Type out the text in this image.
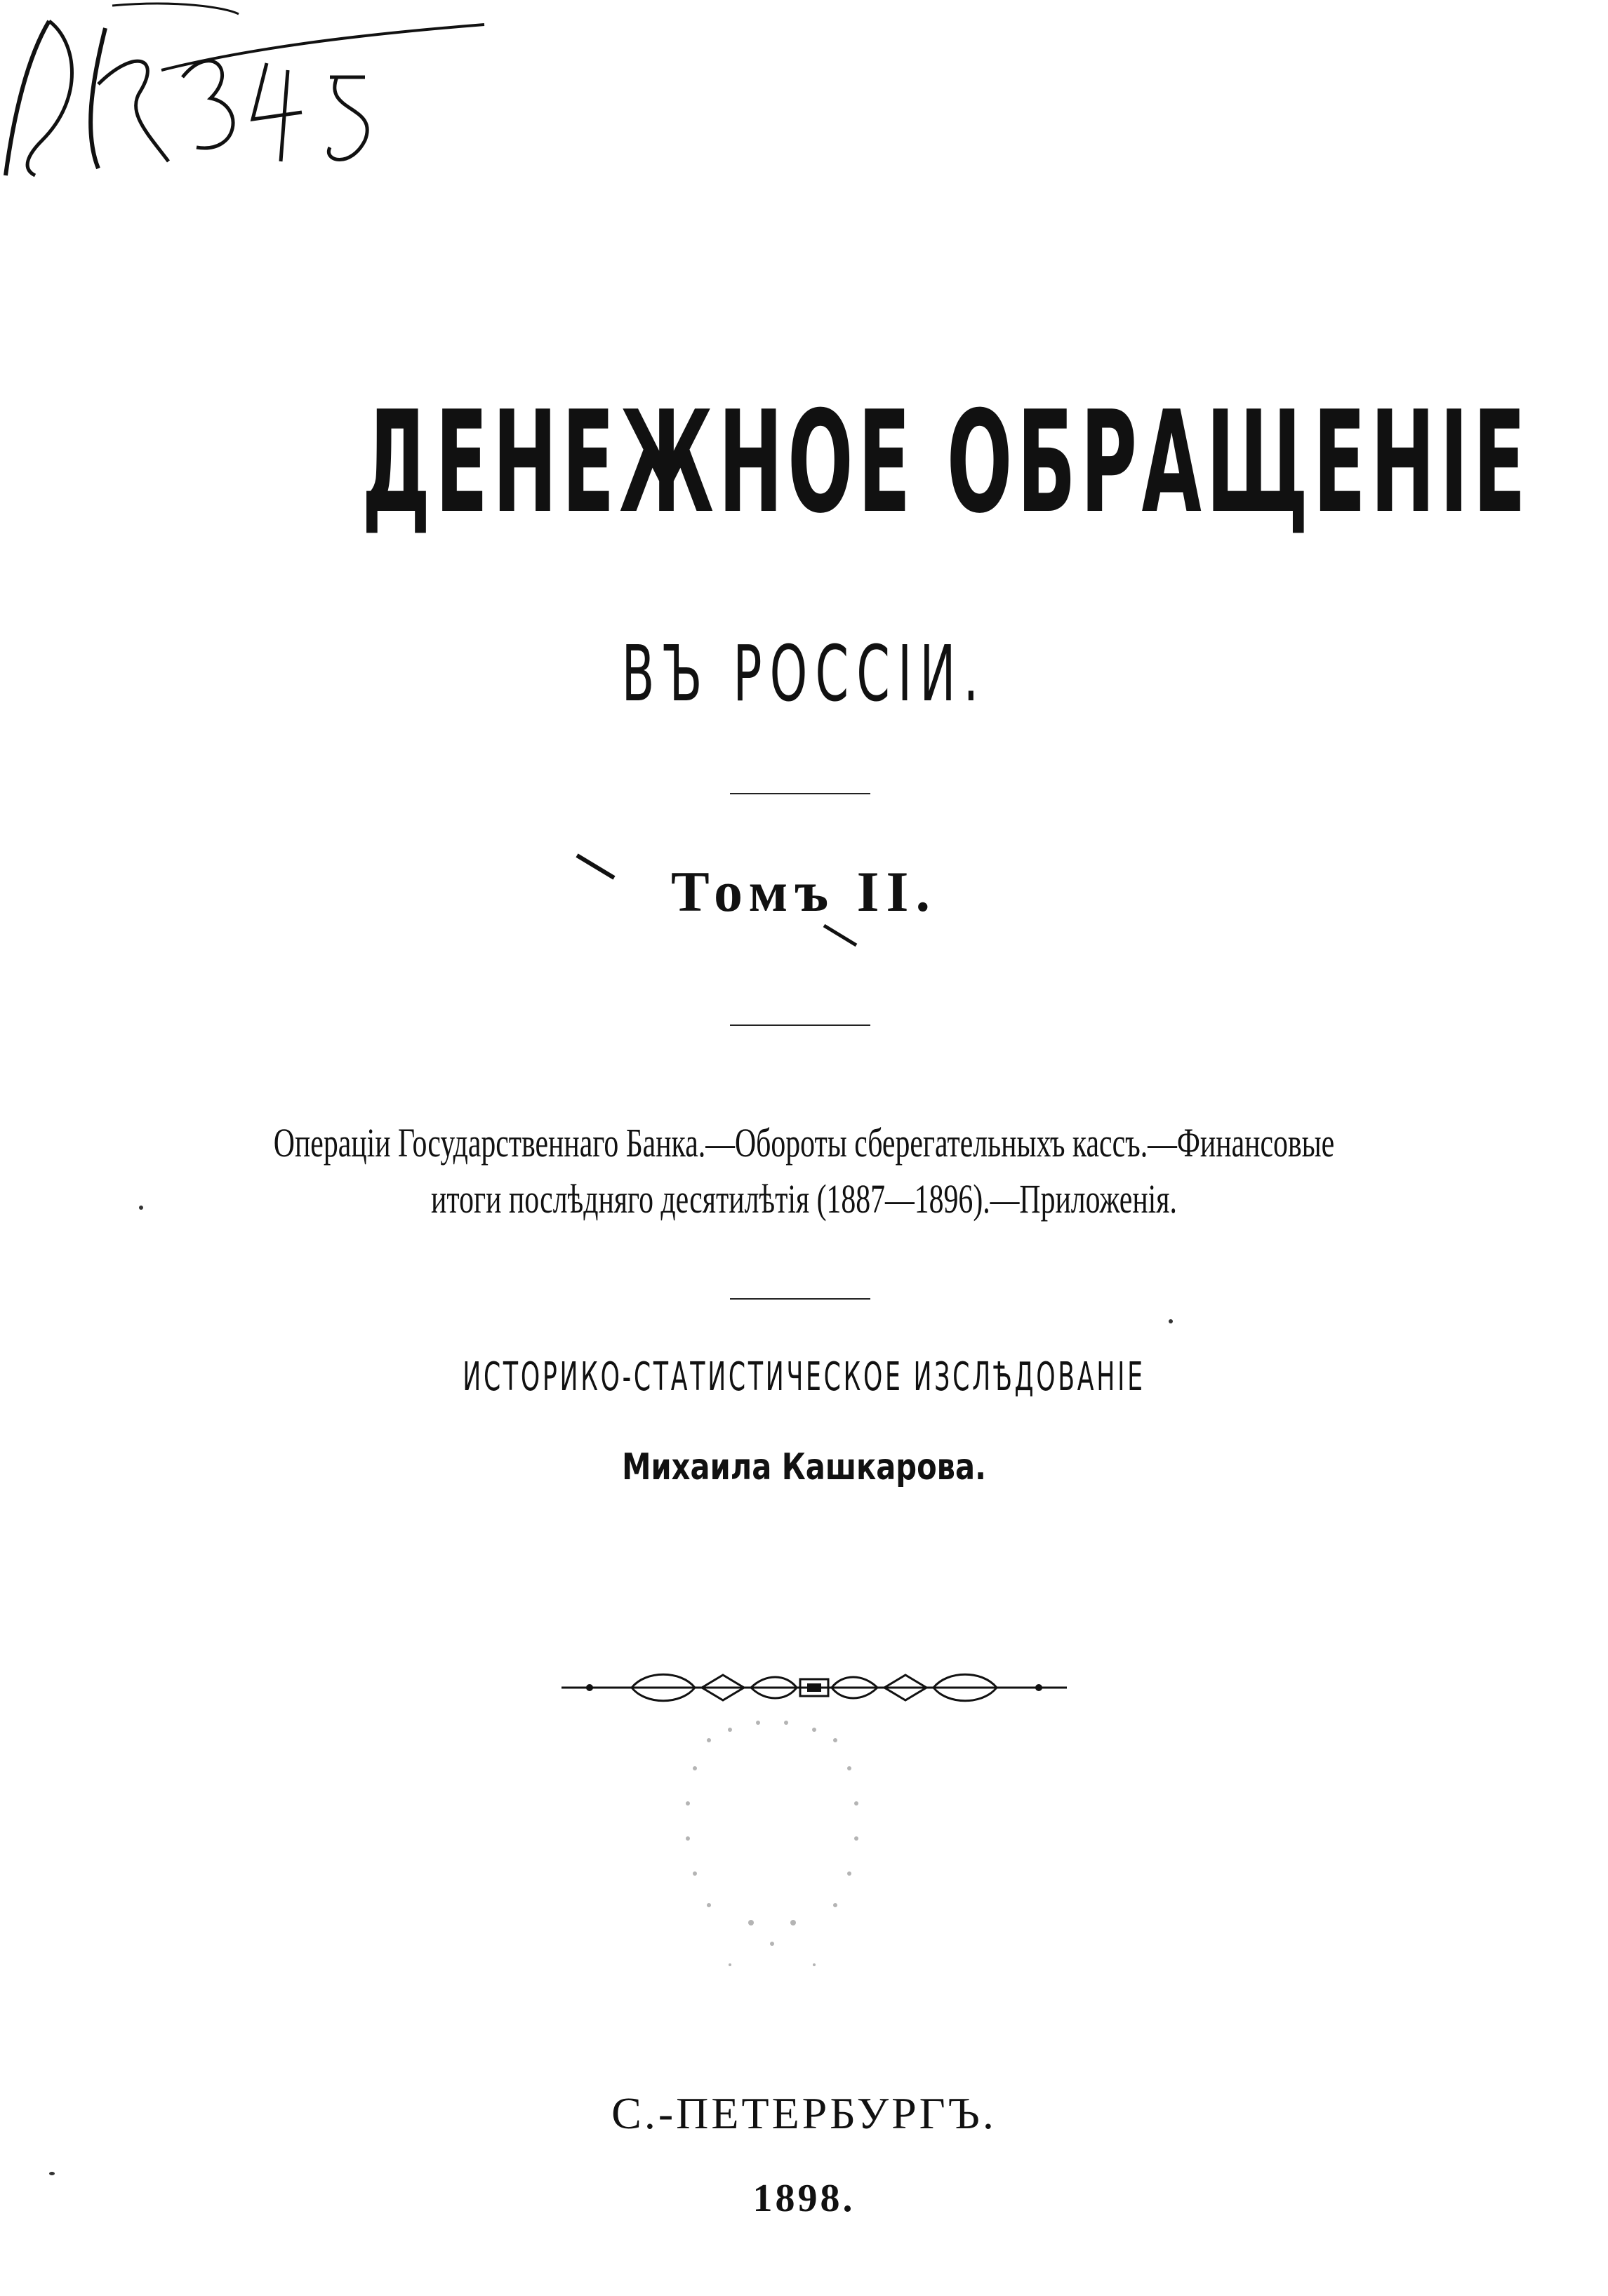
ДЕНЕЖНОЕ ОБРАЩЕНІЕ
ВЪ РОССІИ.
Томъ II.
Операціи Государственнаго Банка.—Обороты сберегательныхъ кассъ.—Финансовые
итоги послѣдняго десятилѣтія (1887—1896).—Приложенія.
ИСТОРИКО-СТАТИСТИЧЕСКОЕ ИЗСЛѢДОВАНІЕ
Михаила Кашкарова.
С.-ПЕТЕРБУРГЪ.
1898.
